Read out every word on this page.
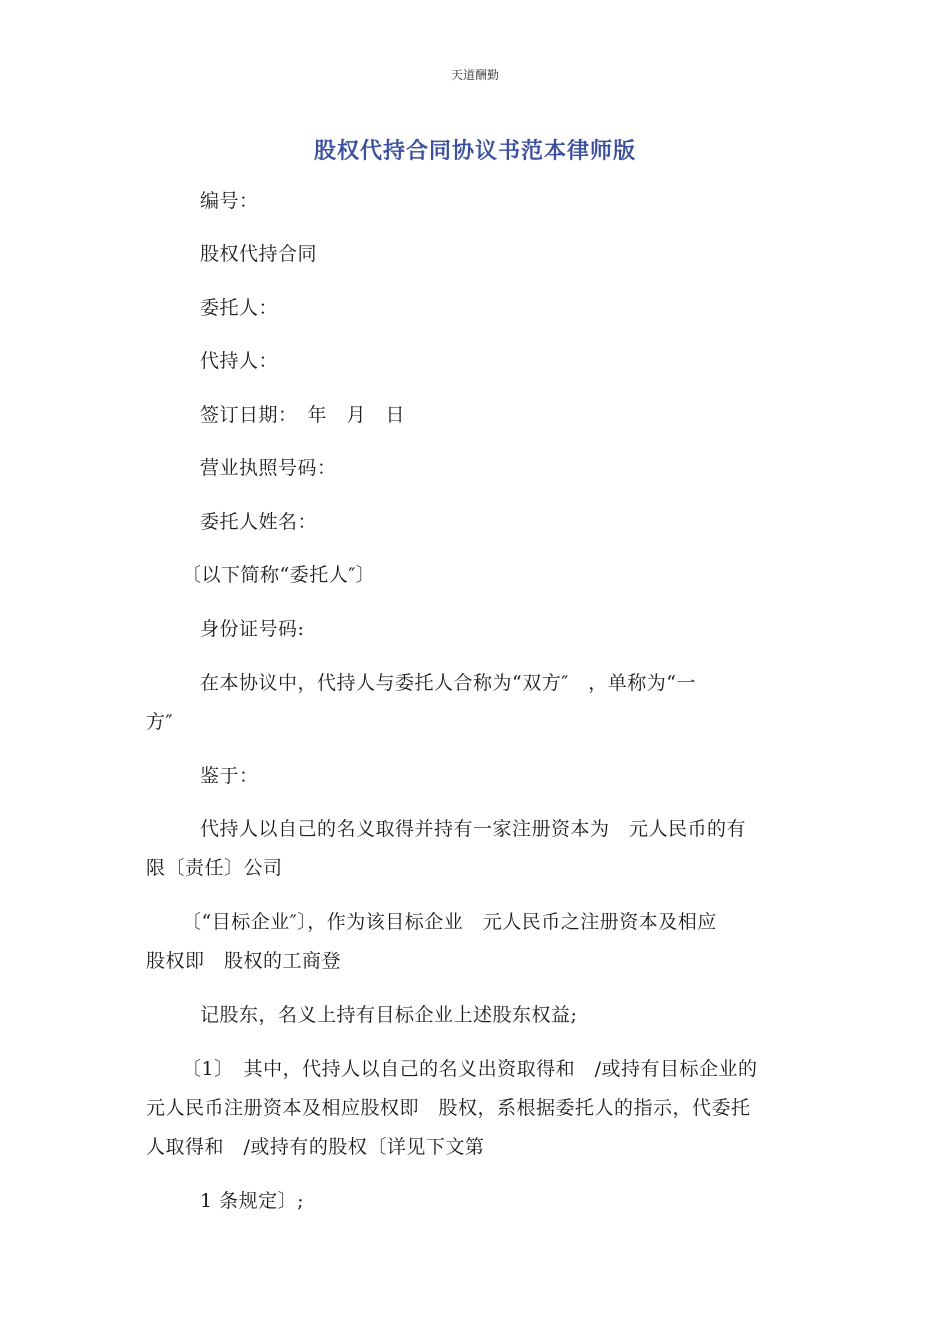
天道酬勤
股权代持合同协议书范本律师版
编号：
股权代持合同
委托人：
代持人：
签订日期：　年　月　日
营业执照号码：
委托人姓名：
〔以下简称“委托人″〕
身份证号码:
在本协议中，代持人与委托人合称为“双方″　，单称为“一
方″
鉴于：
代持人以自己的名义取得并持有一家注册资本为　元人民币的有
限〔责任〕公司
〔“目标企业″〕，作为该目标企业　元人民币之注册资本及相应
股权即　股权的工商登
记股东，名义上持有目标企业上述股东权益;
〔1〕　其中，代持人以自己的名义出资取得和　/或持有目标企业的
元人民币注册资本及相应股权即　股权，系根据委托人的指示，代委托
人取得和　/或持有的股权〔详见下文第
1 条规定〕;
